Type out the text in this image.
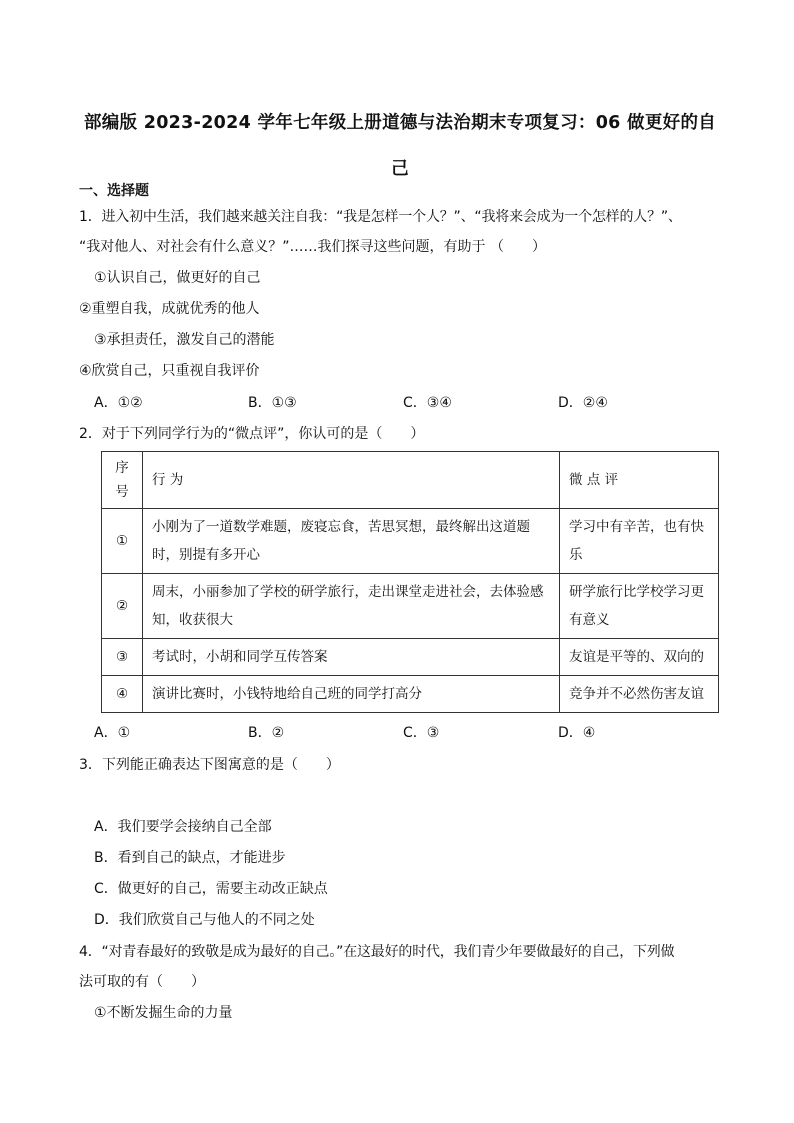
部编版 2023-2024 学年七年级上册道德与法治期末专项复习：06 做更好的自己
一、选择题
1．进入初中生活，我们越来越关注自我：“我是怎样一个人？”、“我将来会成为一个怎样的人？”、
“我对他人、对社会有什么意义？”……我们探寻这些问题，有助于 （　　）
①认识自己，做更好的自己
②重塑自我，成就优秀的他人
③承担责任，激发自己的潜能
④欣赏自己，只重视自我评价
A．①②	B．①③	C．③④	D．②④
2．对于下列同学行为的“微点评”，你认可的是（　　）
序号	行 为	微 点 评
①	小刚为了一道数学难题，废寝忘食，苦思冥想，最终解出这道题时，别提有多开心	学习中有辛苦，也有快乐
②	周末，小丽参加了学校的研学旅行，走出课堂走进社会，去体验感知，收获很大	研学旅行比学校学习更有意义
③	考试时，小胡和同学互传答案	友谊是平等的、双向的
④	演讲比赛时，小钱特地给自己班的同学打高分	竞争并不必然伤害友谊
A．①	B．②	C．③	D．④
3．下列能正确表达下图寓意的是（　　）
A．我们要学会接纳自己全部
B．看到自己的缺点，才能进步
C．做更好的自己，需要主动改正缺点
D．我们欣赏自己与他人的不同之处
4．“对青春最好的致敬是成为最好的自己。”在这最好的时代，我们青少年要做最好的自己，下列做
法可取的有（　　）
①不断发掘生命的力量
